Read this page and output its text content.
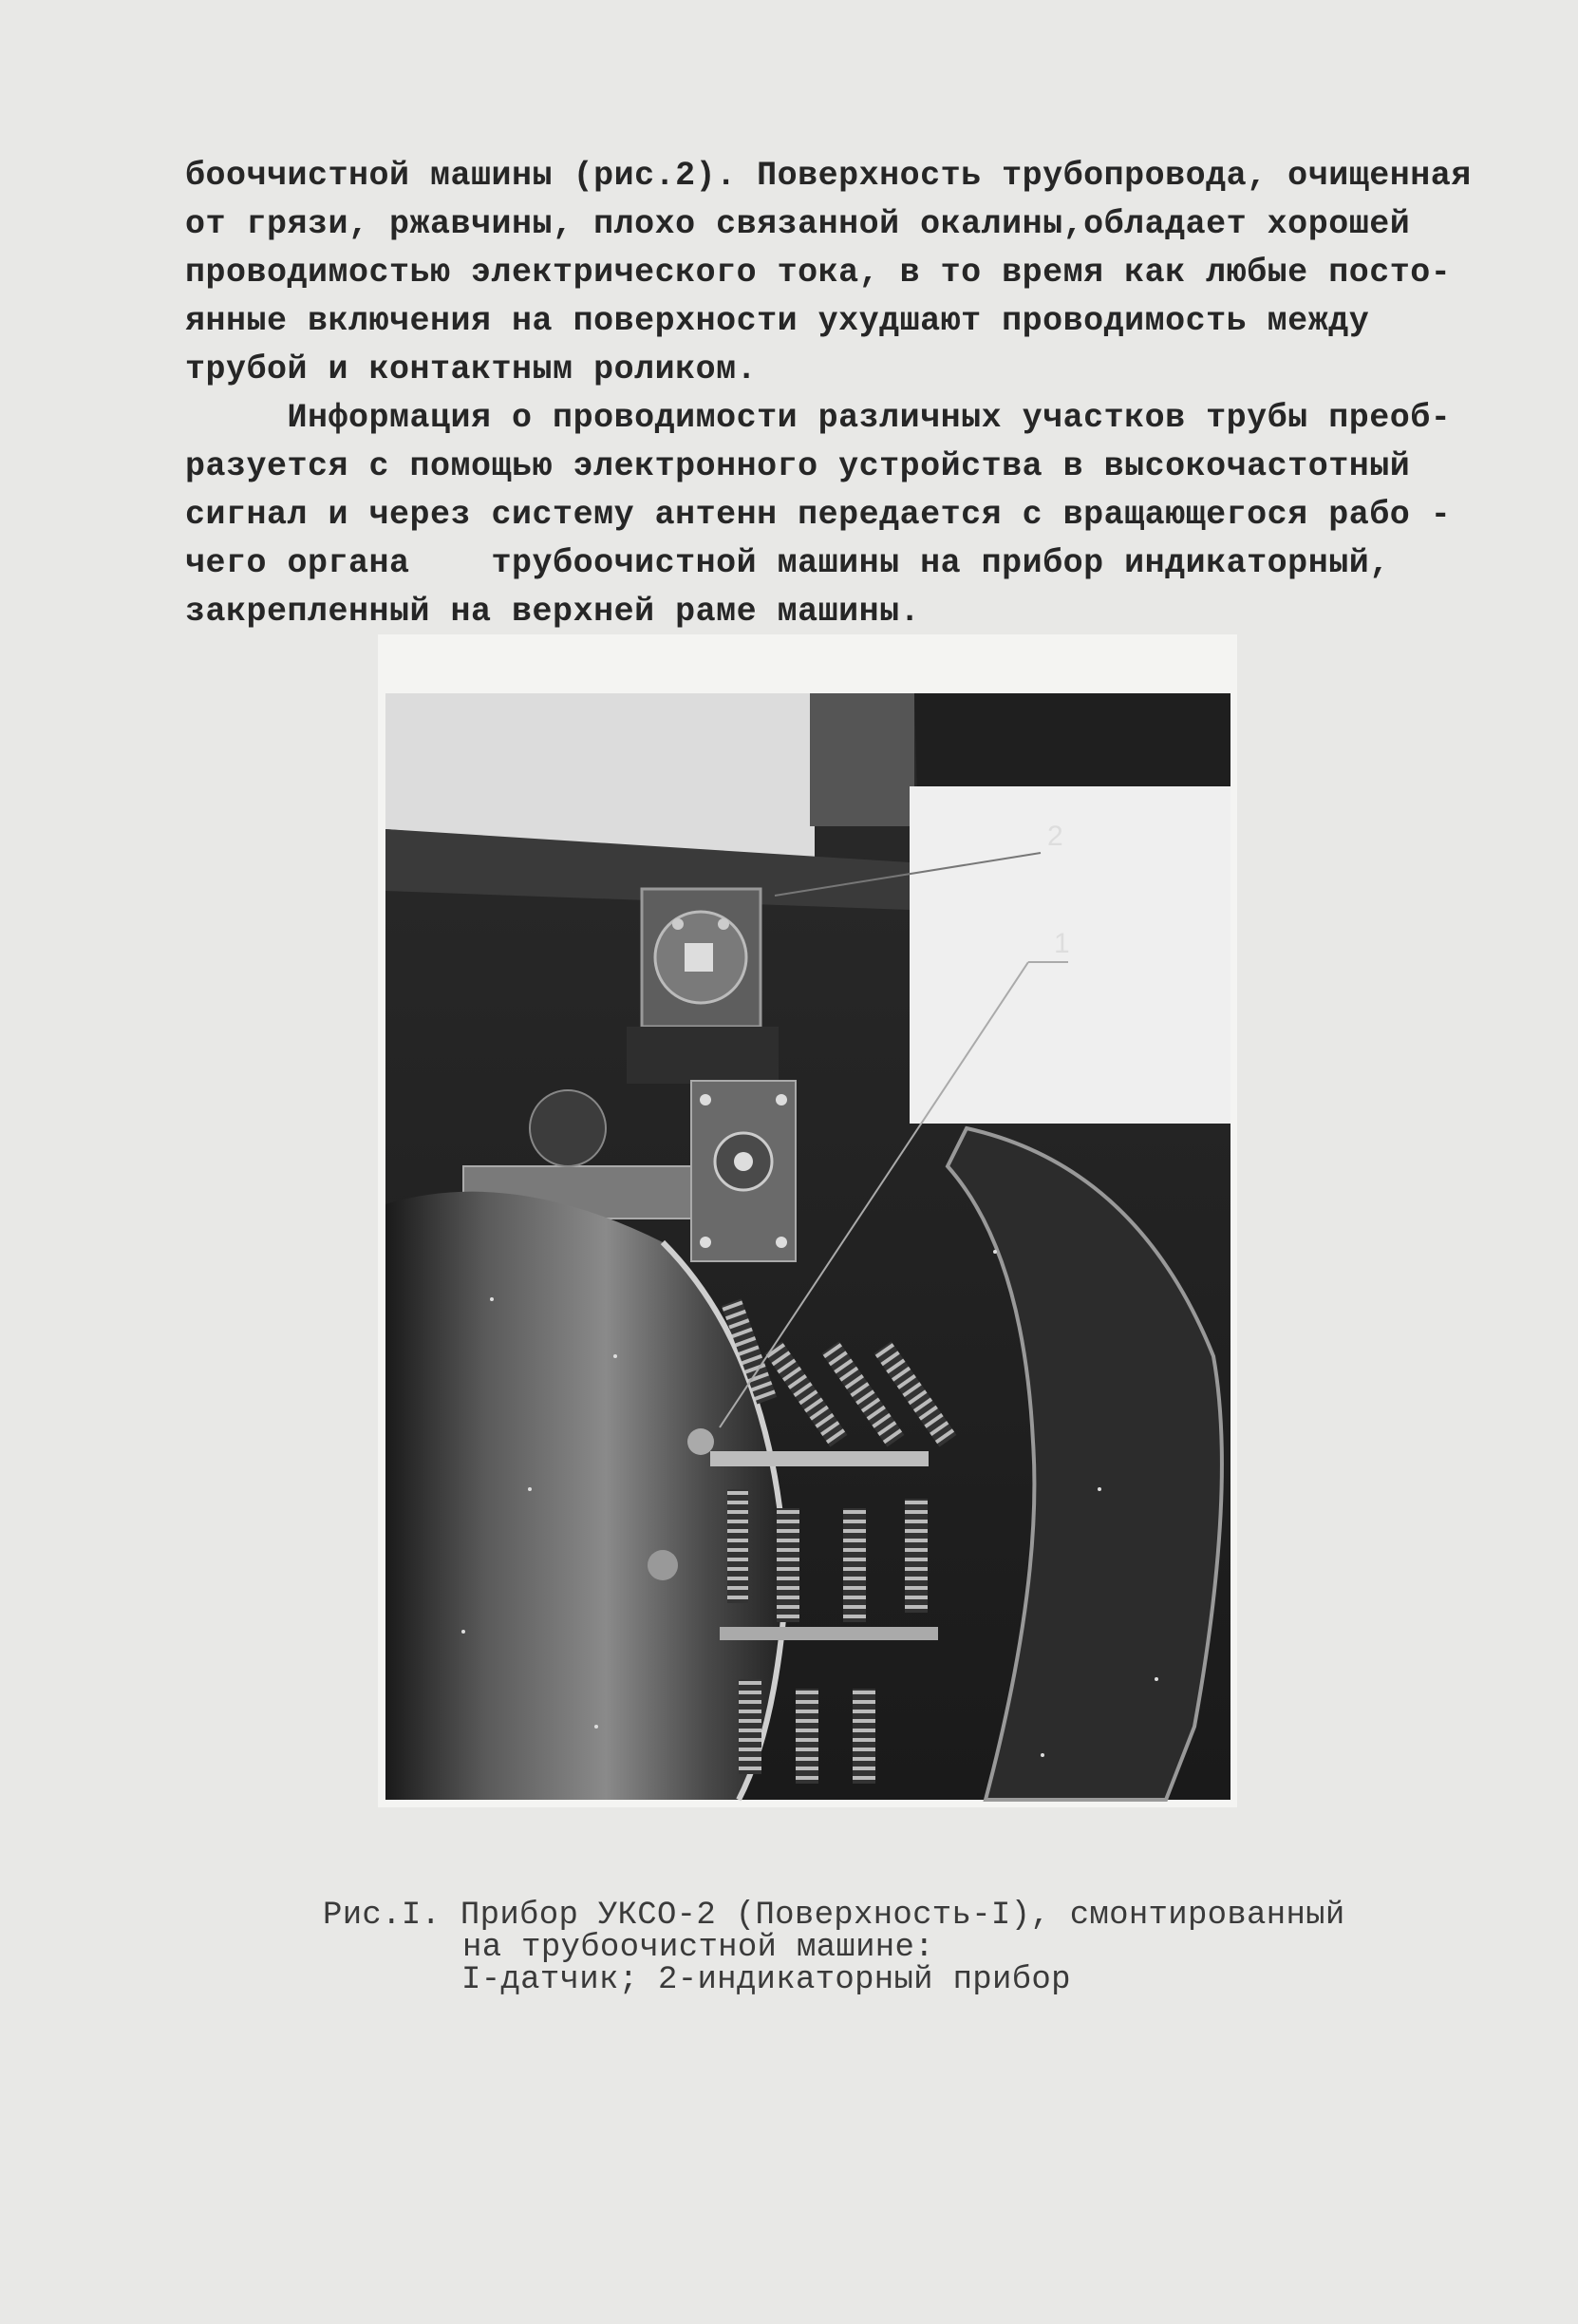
бооччистной машины (рис.2). Поверхность трубопровода, очищенная
от грязи, ржавчины, плохо связанной окалины,обладает хорошей
проводимостью электрического тока, в то время как любые посто-
янные включения на поверхности ухудшают проводимость между
трубой и контактным роликом.
Информация о проводимости различных участков трубы преоб-
разуется с помощью электронного устройства в высокочастотный
сигнал и через систему антенн передается с вращающегося рабо -
чего органа    трубоочистной машины на прибор индикаторный,
закрепленный на верхней раме машины.
2
1
Рис.I. Прибор УКСО-2 (Поверхность-I), смонтированный
на трубоочистной машине:
I-датчик; 2-индикаторный прибор
